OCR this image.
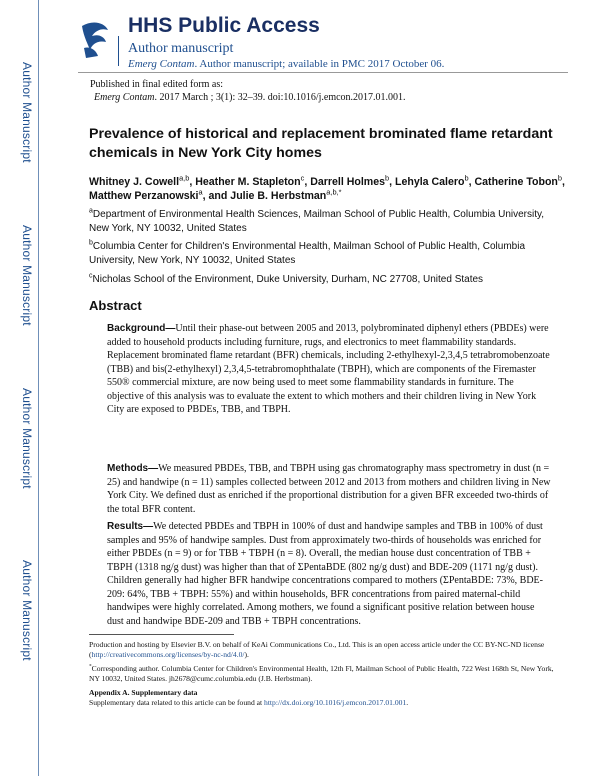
Author Manuscript
Author Manuscript
Author Manuscript
Author Manuscript
HHS Public Access
Author manuscript
Emerg Contam. Author manuscript; available in PMC 2017 October 06.
Published in final edited form as:
Emerg Contam. 2017 March ; 3(1): 32–39. doi:10.1016/j.emcon.2017.01.001.
Prevalence of historical and replacement brominated flame retardant chemicals in New York City homes
Whitney J. Cowell$^{a,b}$, Heather M. Stapleton$^c$, Darrell Holmes$^b$, Lehyla Calero$^b$, Catherine Tobon$^b$, Matthew Perzanowski$^a$, and Julie B. Herbstman$^{a,b,*}$
$^a$Department of Environmental Health Sciences, Mailman School of Public Health, Columbia University, New York, NY 10032, United States
$^b$Columbia Center for Children's Environmental Health, Mailman School of Public Health, Columbia University, New York, NY 10032, United States
$^c$Nicholas School of the Environment, Duke University, Durham, NC 27708, United States
Abstract
Background—Until their phase-out between 2005 and 2013, polybrominated diphenyl ethers (PBDEs) were added to household products including furniture, rugs, and electronics to meet flammability standards. Replacement brominated flame retardant (BFR) chemicals, including 2-ethylhexyl-2,3,4,5 tetrabromobenzoate (TBB) and bis(2-ethylhexyl) 2,3,4,5-tetrabromophthalate (TBPH), which are components of the Firemaster 550® commercial mixture, are now being used to meet some flammability standards in furniture. The objective of this analysis was to evaluate the extent to which mothers and their children living in New York City are exposed to PBDEs, TBB, and TBPH.
Methods—We measured PBDEs, TBB, and TBPH using gas chromatography mass spectrometry in dust (n = 25) and handwipe (n = 11) samples collected between 2012 and 2013 from mothers and children living in New York City. We defined dust as enriched if the proportional distribution for a given BFR exceeded two-thirds of the total BFR content.
Results—We detected PBDEs and TBPH in 100% of dust and handwipe samples and TBB in 100% of dust samples and 95% of handwipe samples. Dust from approximately two-thirds of households was enriched for either PBDEs (n = 9) or for TBB + TBPH (n = 8). Overall, the median house dust concentration of TBB + TBPH (1318 ng/g dust) was higher than that of ΣPentaBDE (802 ng/g dust) and BDE-209 (1171 ng/g dust). Children generally had higher BFR handwipe concentrations compared to mothers (ΣPentaBDE: 73%, BDE-209: 64%, TBB + TBPH: 55%) and within households, BFR concentrations from paired maternal-child handwipes were highly correlated. Among mothers, we found a significant positive relation between house dust and handwipe BDE-209 and TBB + TBPH concentrations.
Production and hosting by Elsevier B.V. on behalf of KeAi Communications Co., Ltd. This is an open access article under the CC BY-NC-ND license (http://creativecommons.org/licenses/by-nc-nd/4.0/).
*Corresponding author. Columbia Center for Children's Environmental Health, 12th Fl, Mailman School of Public Health, 722 West 168th St, New York, NY 10032, United States. jh2678@cumc.columbia.edu (J.B. Herbstman).
Appendix A. Supplementary data
Supplementary data related to this article can be found at http://dx.doi.org/10.1016/j.emcon.2017.01.001.
